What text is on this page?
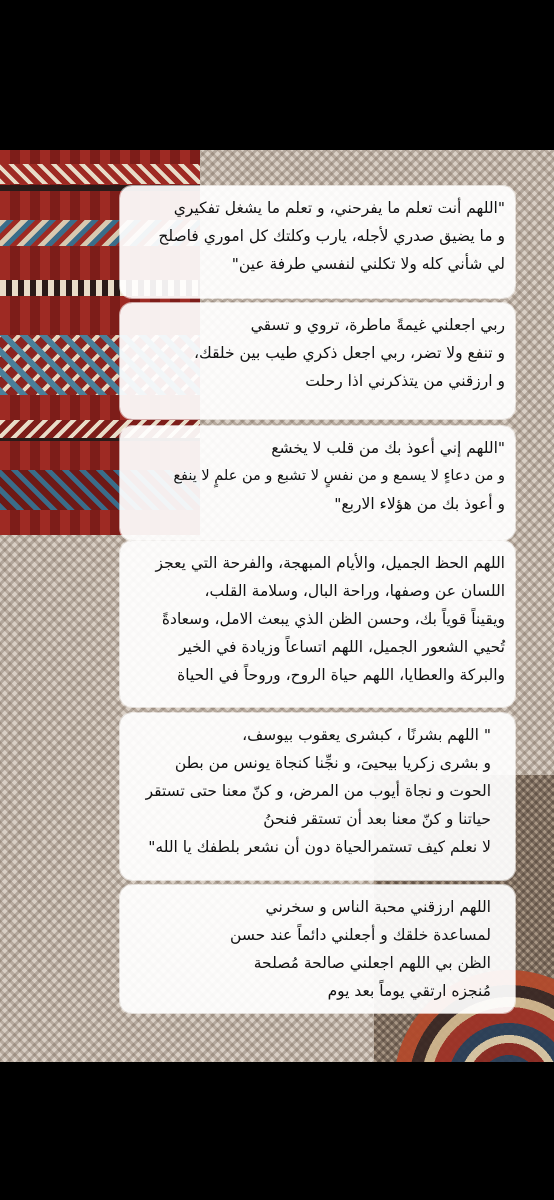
"اللهم أنت تعلم ما يفرحني، و تعلم ما يشغل تفكيري
و ما يضيق صدري لأجله، يارب وكلتك كل اموري فاصلح
لي شأني كله ولا تكلني لنفسي طرفة عين"
ربي اجعلني غيمةً ماطرة، تروي و تسقي
و تنفع ولا تضر، ربي اجعل ذكري طيب بين خلقك،
و ارزقني من يتذكرني اذا رحلت
"اللهم إني أعوذ بك من قلب لا يخشع
و من دعاءٍ لا يسمع و من نفسٍ لا تشبع و من علمٍ لا ينفع
و أعوذ بك من هؤلاء الاربع"
اللهم الحظ الجميل، والأيام المبهجة، والفرحة التي يعجز
اللسان عن وصفها، وراحة البال، وسلامة القلب،
ويقيناً قوياً بك، وحسن الظن الذي يبعث الامل، وسعادةً
تُحيي الشعور الجميل، اللهم اتساعاً وزيادة في الخير
والبركة والعطايا، اللهم حياة الروح، وروحاً في الحياة
" اللهم بشرنًا ، كبشرى يعقوب بيوسف،
و بشرى زكريا بيحيىَ، و نجِّنا كنجاة يونس من بطن
الحوت و نجاة أيوب من المرض، و كنّ معنا حتى تستقر
حياتنا و كنّ معنا بعد أن تستقر فنحنُ
لا نعلم كيف تستمرالحياة دون أن نشعر بلطفك يا الله"
اللهم ارزقني محبة الناس و سخرني
لمساعدة خلقك و أجعلني دائماً عند حسن
الظن بي اللهم اجعلني صالحة مُصلحة
مُنجزه ارتقي يوماً بعد يوم
